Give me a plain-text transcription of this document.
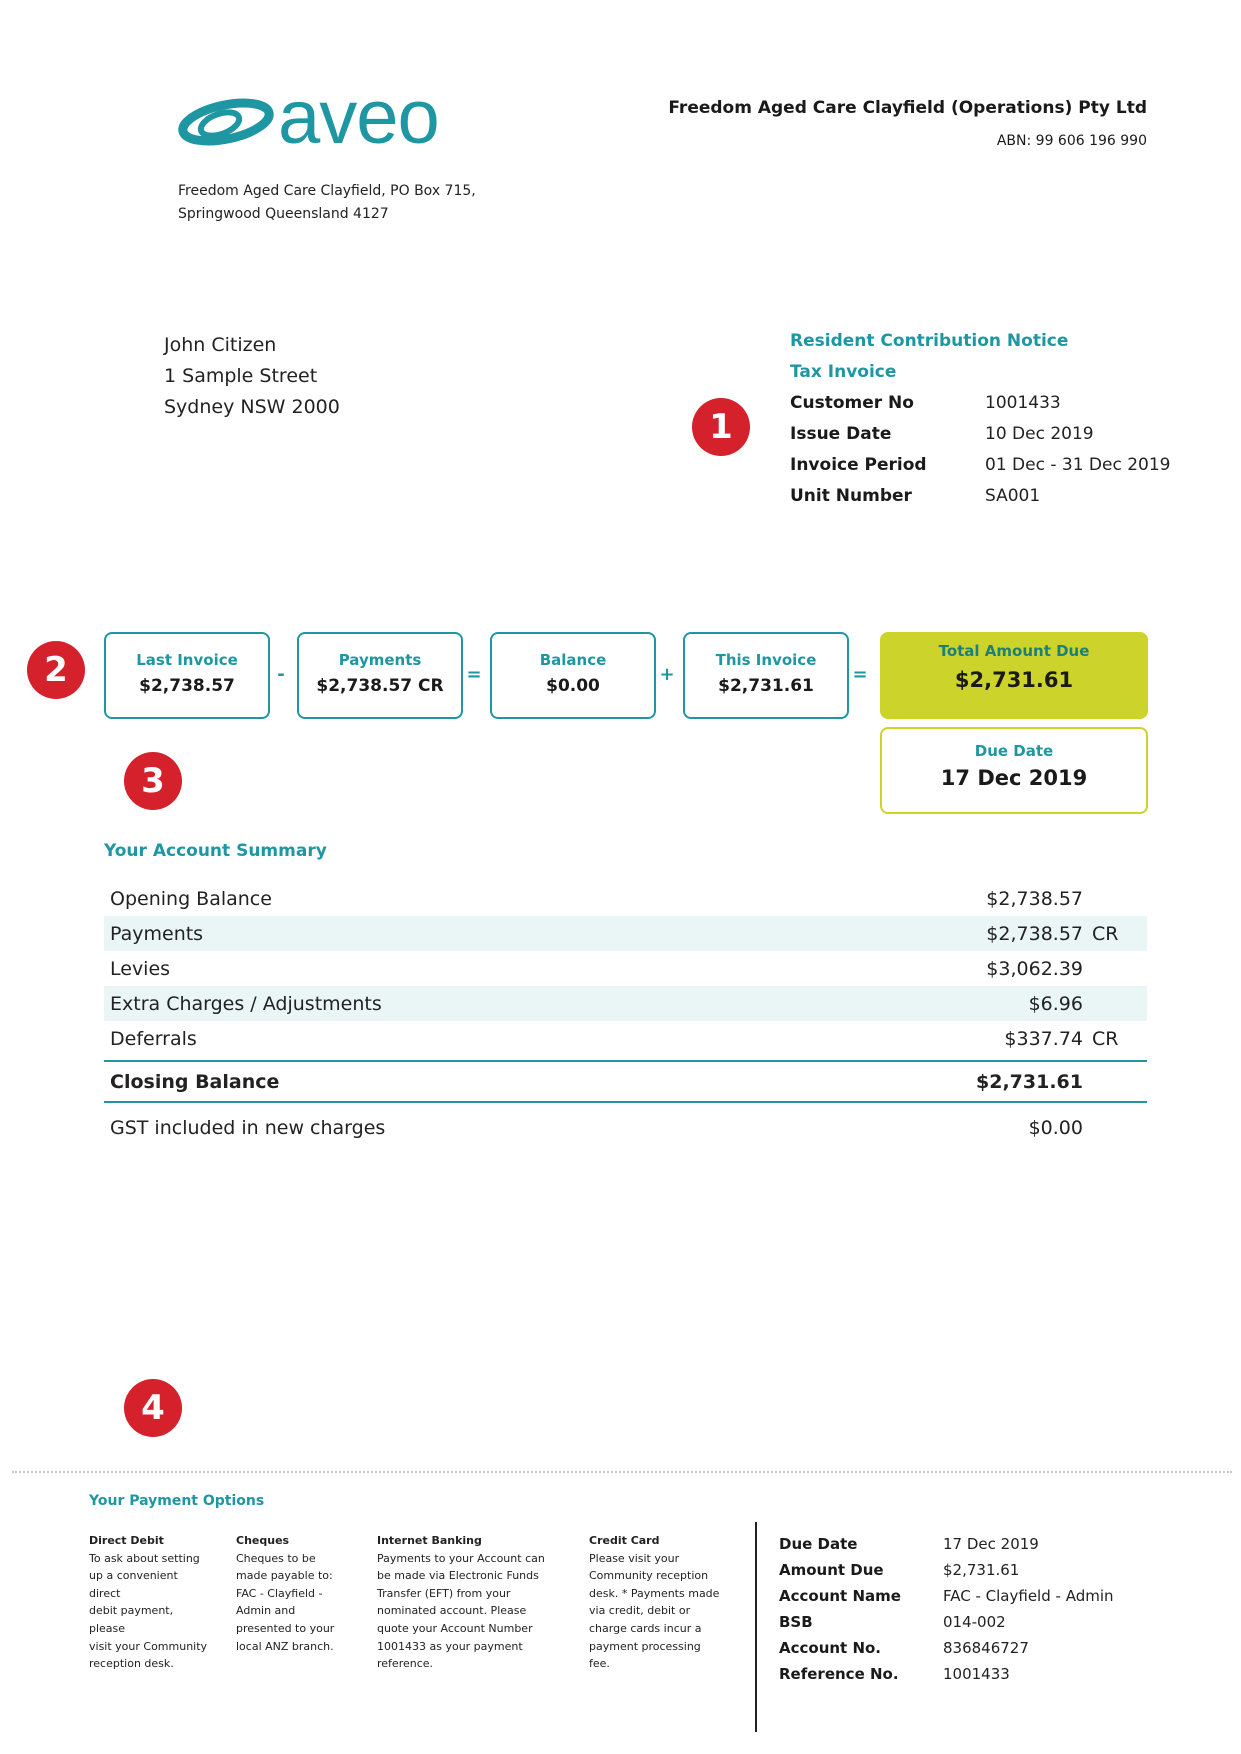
aveo
Freedom Aged Care Clayfield, PO Box 715,
Springwood Queensland 4127
Freedom Aged Care Clayfield (Operations) Pty Ltd
ABN: 99 606 196 990
John Citizen
1 Sample Street
Sydney NSW 2000
Resident Contribution Notice
Tax Invoice
Customer No	1001433
Issue Date	10 Dec 2019
Invoice Period	01 Dec - 31 Dec 2019
Unit Number	SA001
1
2
3
4
Last Invoice
$2,738.57
-
Payments
$2,738.57 CR
=
Balance
$0.00
+
This Invoice
$2,731.61
=
Total Amount Due
$2,731.61
Due Date
17 Dec 2019
Your Account Summary
Opening Balance	$2,738.57
Payments	$2,738.57 CR
Levies	$3,062.39
Extra Charges / Adjustments	$6.96
Deferrals	$337.74 CR
Closing Balance	$2,731.61
GST included in new charges	$0.00
Your Payment Options
Direct Debit
To ask about setting
up a convenient
direct
debit payment,
please
visit your Community
reception desk.
Cheques
Cheques to be
made payable to:
FAC - Clayfield -
Admin and
presented to your
local ANZ branch.
Internet Banking
Payments to your Account can
be made via Electronic Funds
Transfer (EFT) from your
nominated account. Please
quote your Account Number
1001433 as your payment
reference.
Credit Card
Please visit your
Community reception
desk. * Payments made
via credit, debit or
charge cards incur a
payment processing
fee.
Due Date	17 Dec 2019
Amount Due	$2,731.61
Account Name	FAC - Clayfield - Admin
BSB	014-002
Account No.	836846727
Reference No.	1001433
